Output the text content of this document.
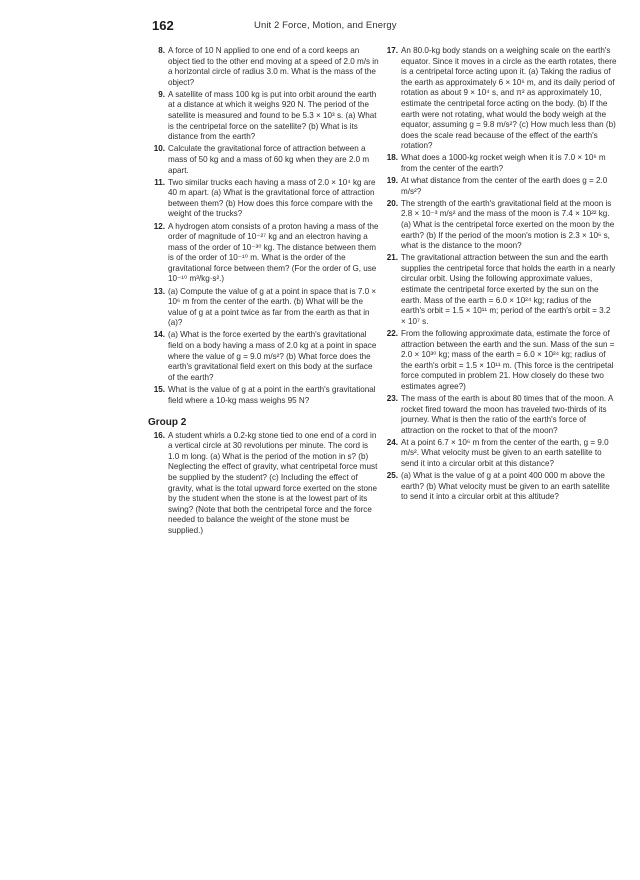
162	Unit 2 Force, Motion, and Energy
8. A force of 10 N applied to one end of a cord keeps an object tied to the other end moving at a speed of 2.0 m/s in a horizontal circle of radius 3.0 m. What is the mass of the object?
9. A satellite of mass 100 kg is put into orbit around the earth at a distance at which it weighs 920 N. The period of the satellite is measured and found to be 5.3 × 10³ s. (a) What is the centripetal force on the satellite? (b) What is its distance from the earth?
10. Calculate the gravitational force of attraction between a mass of 50 kg and a mass of 60 kg when they are 2.0 m apart.
11. Two similar trucks each having a mass of 2.0 × 10⁴ kg are 40 m apart. (a) What is the gravitational force of attraction between them? (b) How does this force compare with the weight of the trucks?
12. A hydrogen atom consists of a proton having a mass of the order of magnitude of 10⁻²⁷ kg and an electron having a mass of the order of 10⁻³⁰ kg. The distance between them is of the order of 10⁻¹⁰ m. What is the order of the gravitational force between them? (For the order of G, use 10⁻¹⁰ m³/kg·s².)
13. (a) Compute the value of g at a point in space that is 7.0 × 10⁶ m from the center of the earth. (b) What will be the value of g at a point twice as far from the earth as that in (a)?
14. (a) What is the force exerted by the earth's gravitational field on a body having a mass of 2.0 kg at a point in space where the value of g = 9.0 m/s²? (b) What force does the earth's gravitational field exert on this body at the surface of the earth?
15. What is the value of g at a point in the earth's gravitational field where a 10-kg mass weighs 95 N?
Group 2
16. A student whirls a 0.2-kg stone tied to one end of a cord in a vertical circle at 30 revolutions per minute. The cord is 1.0 m long. (a) What is the period of the motion in s? (b) Neglecting the effect of gravity, what centripetal force must be supplied by the student? (c) Including the effect of gravity, what is the total upward force exerted on the stone by the student when the stone is at the lowest part of its swing? (Note that both the centripetal force and the force needed to balance the weight of the stone must be supplied.)
17. An 80.0-kg body stands on a weighing scale on the earth's equator. Since it moves in a circle as the earth rotates, there is a centripetal force acting upon it. (a) Taking the radius of the earth as approximately 6 × 10⁶ m, and its daily period of rotation as about 9 × 10⁴ s, and π² as approximately 10, estimate the centripetal force acting on the body. (b) If the earth were not rotating, what would the body weigh at the equator, assuming g = 9.8 m/s²? (c) How much less than (b) does the scale read because of the effect of the earth's rotation?
18. What does a 1000-kg rocket weigh when it is 7.0 × 10⁶ m from the center of the earth?
19. At what distance from the center of the earth does g = 2.0 m/s²?
20. The strength of the earth's gravitational field at the moon is 2.8 × 10⁻³ m/s² and the mass of the moon is 7.4 × 10²² kg. (a) What is the centripetal force exerted on the moon by the earth? (b) If the period of the moon's motion is 2.3 × 10⁶ s, what is the distance to the moon?
21. The gravitational attraction between the sun and the earth supplies the centripetal force that holds the earth in a nearly circular orbit. Using the following approximate values, estimate the centripetal force exerted by the sun on the earth. Mass of the earth = 6.0 × 10²⁴ kg; radius of the earth's orbit = 1.5 × 10¹¹ m; period of the earth's orbit = 3.2 × 10⁷ s.
22. From the following approximate data, estimate the force of attraction between the earth and the sun. Mass of the sun = 2.0 × 10³⁰ kg; mass of the earth = 6.0 × 10²⁴ kg; radius of the earth's orbit = 1.5 × 10¹¹ m. (This force is the centripetal force computed in problem 21. How closely do these two estimates agree?)
23. The mass of the earth is about 80 times that of the moon. A rocket fired toward the moon has traveled two-thirds of its journey. What is then the ratio of the earth's force of attraction on the rocket to that of the moon?
24. At a point 6.7 × 10⁶ m from the center of the earth, g = 9.0 m/s². What velocity must be given to an earth satellite to send it into a circular orbit at this distance?
25. (a) What is the value of g at a point 400 000 m above the earth? (b) What velocity must be given to an earth satellite to send it into a circular orbit at this altitude?
